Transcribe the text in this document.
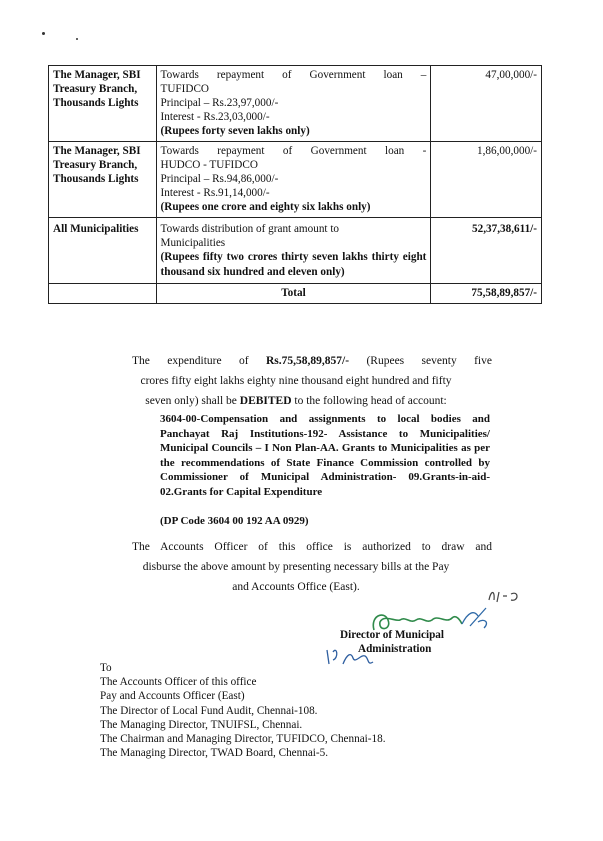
The Manager, SBI Treasury Branch, Thousands Lights	Towards repayment of Government loan –
TUFIDCO
Principal – Rs.23,97,000/-
Interest - Rs.23,03,000/-
(Rupees forty seven lakhs only)	47,00,000/-
The Manager, SBI Treasury Branch, Thousands Lights	Towards repayment of Government loan -
HUDCO - TUFIDCO
Principal – Rs.94,86,000/-
Interest - Rs.91,14,000/-
(Rupees one crore and eighty six lakhs only)	1,86,00,000/-
All Municipalities	Towards distribution of grant amount to
Municipalities
(Rupees fifty two crores thirty seven lakhs thirty eight thousand six hundred and eleven only)	52,37,38,611/-
	Total	75,58,89,857/-
The expenditure of Rs.75,58,89,857/- (Rupees seventy five
crores fifty eight lakhs eighty nine thousand eight hundred and fifty
seven only) shall be DEBITED to the following head of account:
3604-00-Compensation and assignments to local bodies and Panchayat Raj Institutions-192- Assistance to Municipalities/ Municipal Councils – I Non Plan-AA. Grants to Municipalities as per the recommendations of State Finance Commission controlled by Commissioner of Municipal Administration- 09.Grants-in-aid- 02.Grants for Capital Expenditure
(DP Code 3604 00 192 AA 0929)
The Accounts Officer of this office is authorized to draw and
disburse the above amount by presenting necessary bills at the Pay
and Accounts Office (East).
Director of Municipal
Administration
To
The Accounts Officer of this office
Pay and Accounts Officer (East)
The Director of Local Fund Audit, Chennai-108.
The Managing Director, TNUIFSL, Chennai.
The Chairman and Managing Director, TUFIDCO, Chennai-18.
The Managing Director, TWAD Board, Chennai-5.
